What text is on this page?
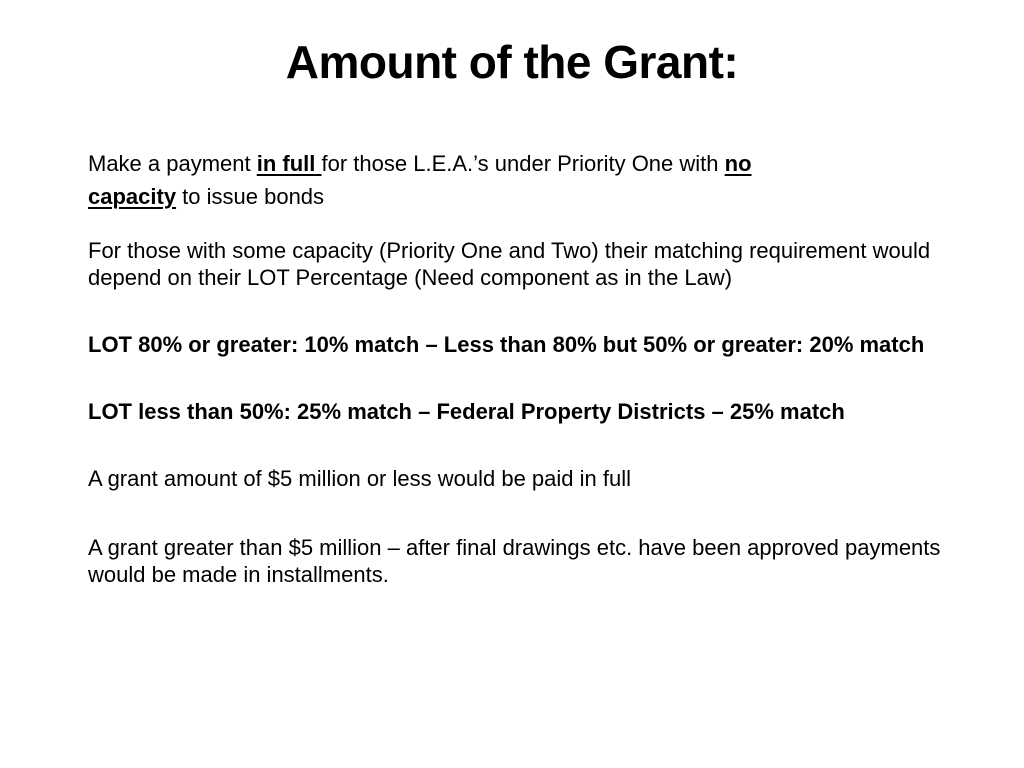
Amount of the Grant:

Make a payment in full for those L.E.A.’s under Priority One with no
capacity to issue bonds

For those with some capacity (Priority One and Two) their matching requirement would depend on their LOT Percentage (Need component as in the Law)

LOT 80% or greater: 10% match – Less than 80% but 50% or greater: 20% match

LOT less than 50%: 25% match – Federal Property Districts – 25% match

A grant amount of $5 million or less would be paid in full

A grant greater than $5 million – after final drawings etc. have been approved payments would be made in installments.
